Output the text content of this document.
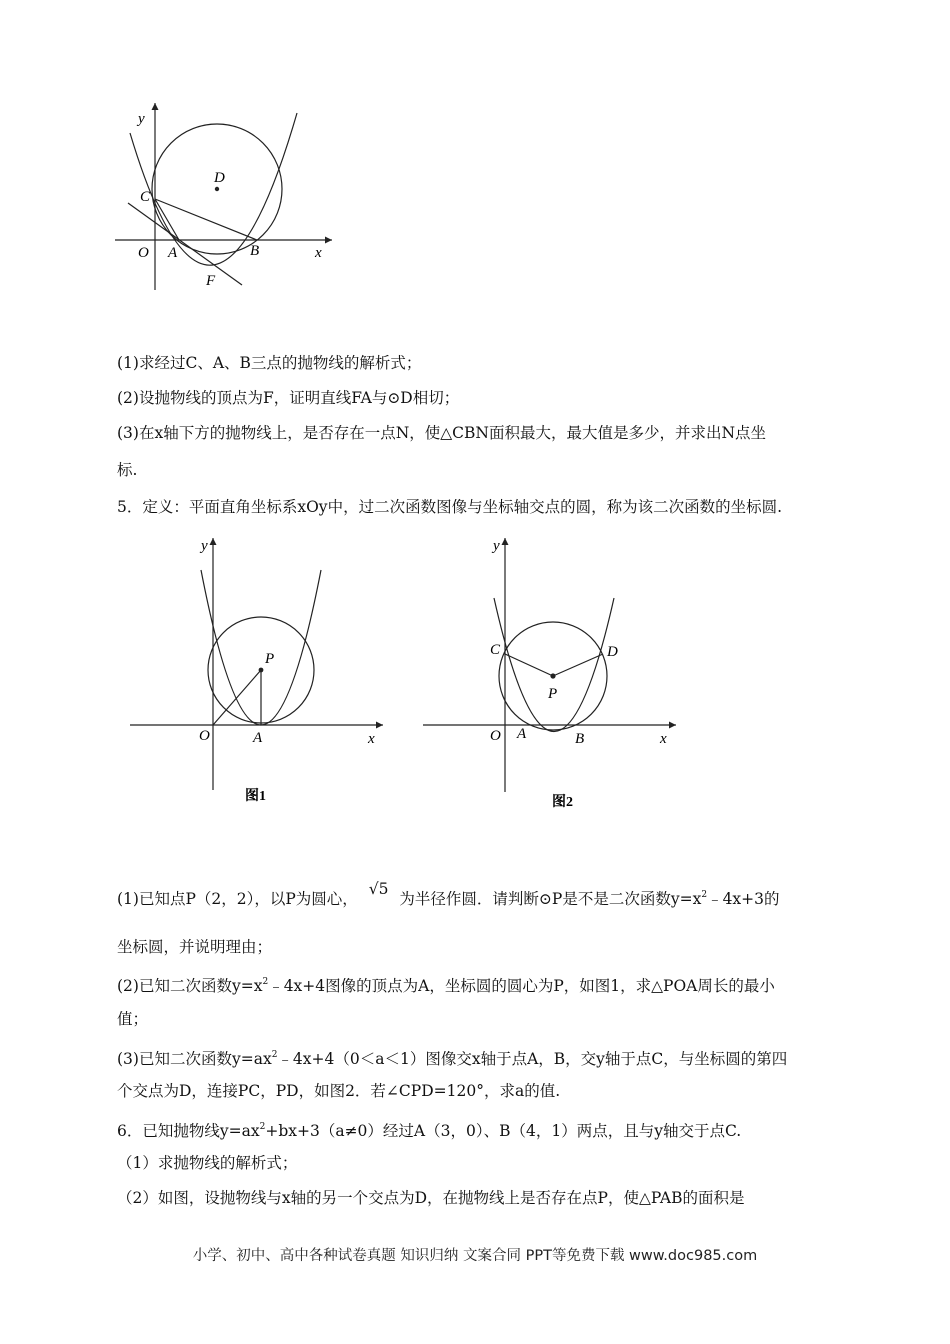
y
x
O A	B
C
D
F
(1)求经过C、A、B三点的抛物线的解析式；
(2)设抛物线的顶点为F，证明直线FA与⊙D相切；
(3)在x轴下方的抛物线上，是否存在一点N，使△CBN面积最大，最大值是多少，并求出N点坐
标.
5．定义：平面直角坐标系xOy中，过二次函数图像与坐标轴交点的圆，称为该二次函数的坐标圆.
y
x
O	A
P
图1
y
x
O A	B
C	D
P
图2
(1)已知点P（2，2），以P为圆心， √5 为半径作圆．请判断⊙P是不是二次函数$y=x^2﹣4x+3$的
坐标圆，并说明理由；
(2)已知二次函数$y=x^2﹣4x+4$图像的顶点为A，坐标圆的圆心为P，如图1，求△POA周长的最小
值；
(3)已知二次函数$y=ax^2﹣4x+4(0<a<1)$图像交x轴于点A，B，交y轴于点C，与坐标圆的第四
个交点为D，连接PC，PD，如图2．若∠CPD=120°，求a的值.
6．已知抛物线$y=ax^2+bx+3(a\ne 0)$经过A（3，0）、B（4，1）两点，且与y轴交于点C.
（1）求抛物线的解析式；
（2）如图，设抛物线与x轴的另一个交点为D，在抛物线上是否存在点P，使△PAB的面积是
小学、初中、高中各种试卷真题 知识归纳 文案合同 PPT等免费下载 www.doc985.com
